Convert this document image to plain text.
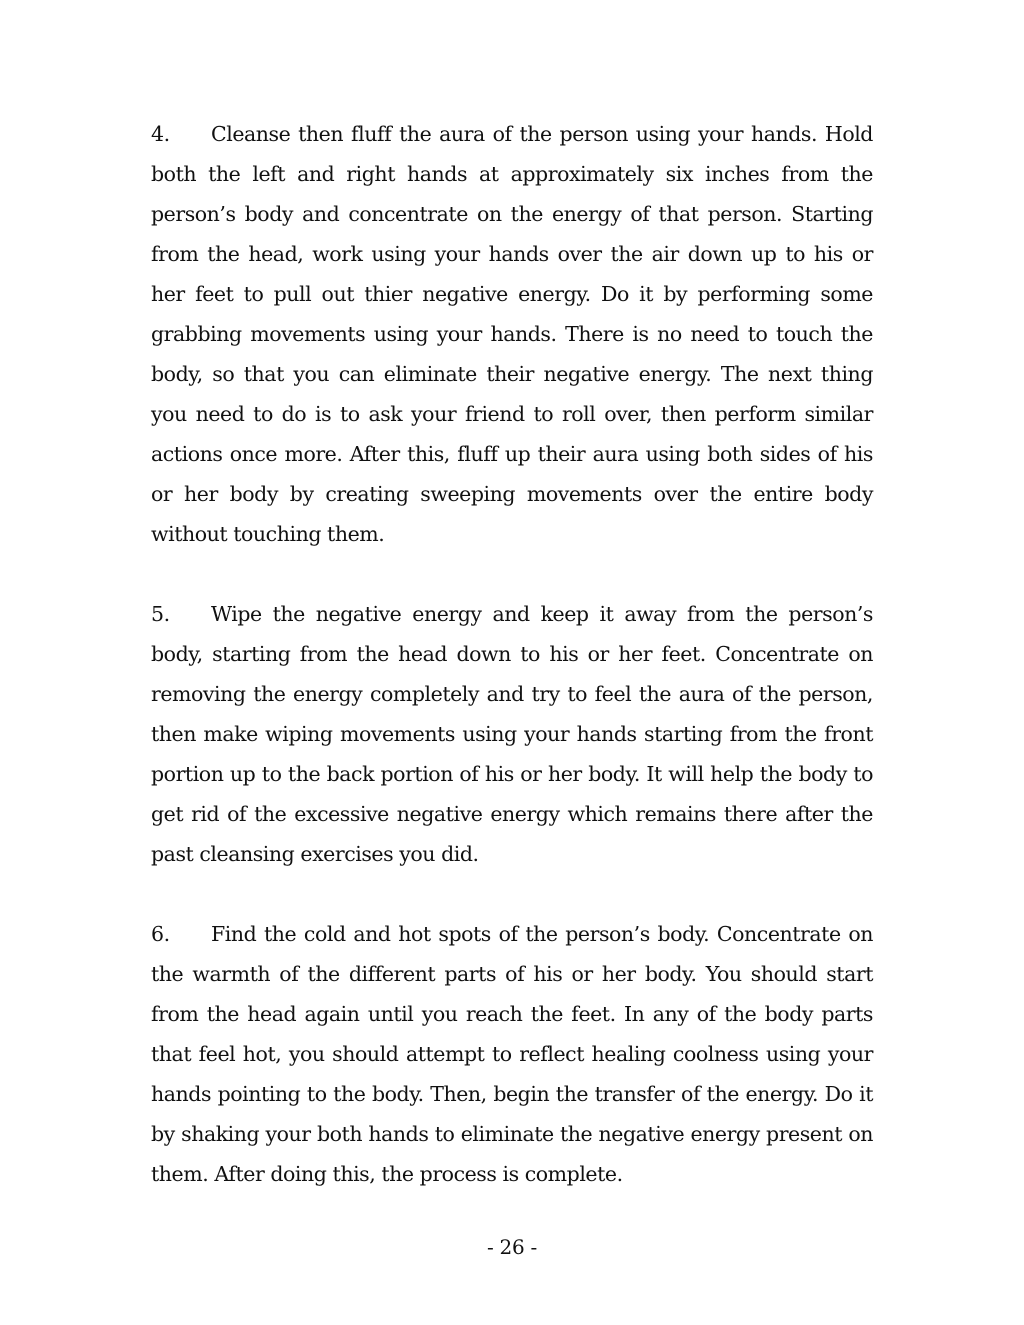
4. Cleanse then fluff the aura of the person using your hands. Hold both the left and right hands at approximately six inches from the person’s body and concentrate on the energy of that person. Starting from the head, work using your hands over the air down up to his or her feet to pull out thier negative energy. Do it by performing some grabbing movements using your hands. There is no need to touch the body, so that you can eliminate their negative energy. The next thing you need to do is to ask your friend to roll over, then perform similar actions once more. After this, fluff up their aura using both sides of his or her body by creating sweeping movements over the entire body without touching them.

5. Wipe the negative energy and keep it away from the person’s body, starting from the head down to his or her feet. Concentrate on removing the energy completely and try to feel the aura of the person, then make wiping movements using your hands starting from the front portion up to the back portion of his or her body. It will help the body to get rid of the excessive negative energy which remains there after the past cleansing exercises you did.

6. Find the cold and hot spots of the person’s body. Concentrate on the warmth of the different parts of his or her body. You should start from the head again until you reach the feet. In any of the body parts that feel hot, you should attempt to reflect healing coolness using your hands pointing to the body. Then, begin the transfer of the energy. Do it by shaking your both hands to eliminate the negative energy present on them. After doing this, the process is complete.

- 26 -
